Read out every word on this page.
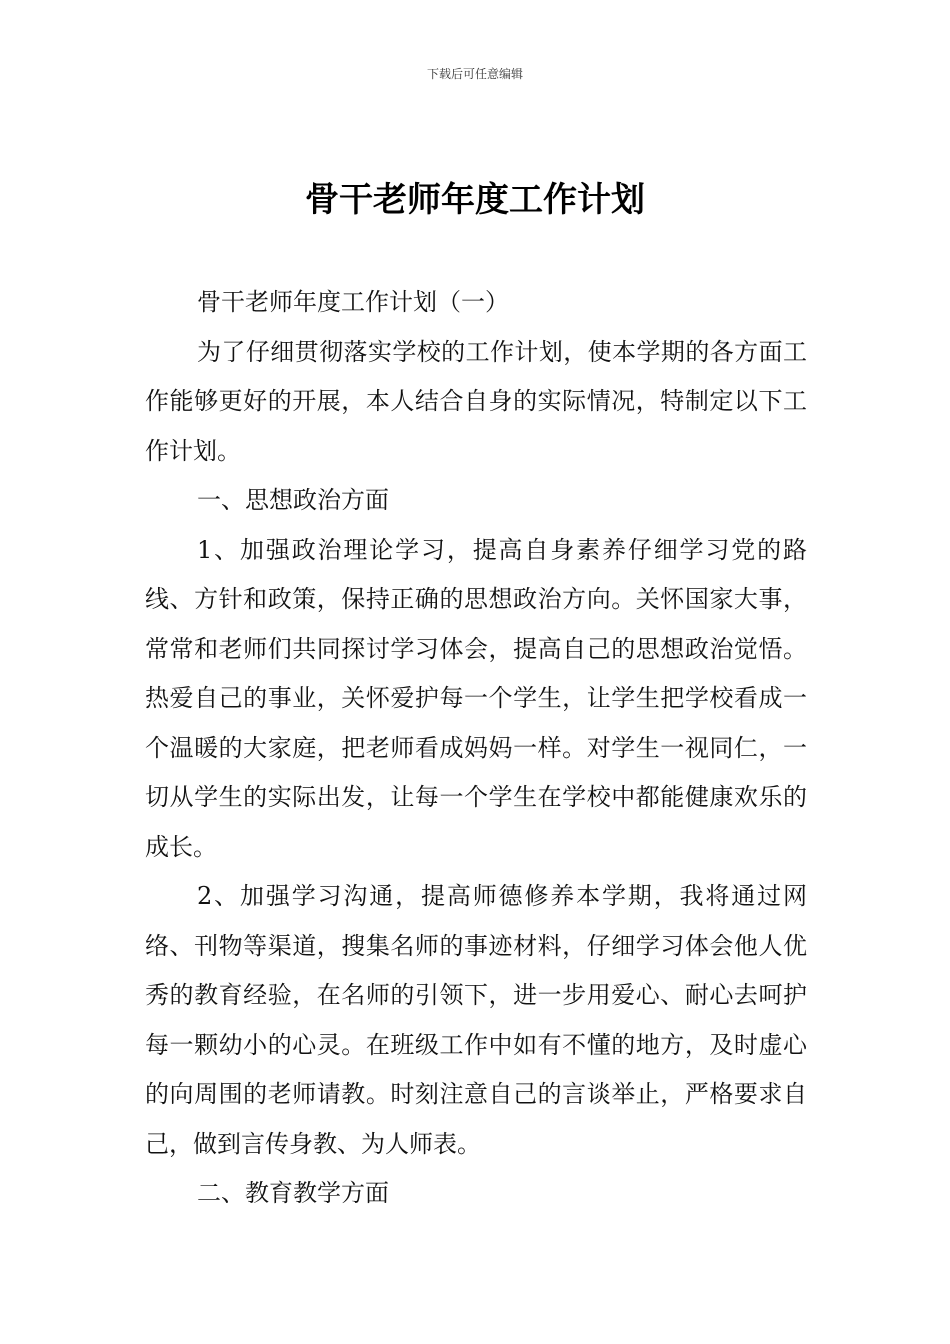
下载后可任意编辑
骨干老师年度工作计划

骨干老师年度工作计划（一）

为了仔细贯彻落实学校的工作计划，使本学期的各方面工作能够更好的开展，本人结合自身的实际情况，特制定以下工作计划。

一、思想政治方面

1、加强政治理论学习，提高自身素养仔细学习党的路线、方针和政策，保持正确的思想政治方向。关怀国家大事，常常和老师们共同探讨学习体会，提高自己的思想政治觉悟。热爱自己的事业，关怀爱护每一个学生，让学生把学校看成一个温暖的大家庭，把老师看成妈妈一样。对学生一视同仁，一切从学生的实际出发，让每一个学生在学校中都能健康欢乐的成长。

2、加强学习沟通，提高师德修养本学期，我将通过网络、刊物等渠道，搜集名师的事迹材料，仔细学习体会他人优秀的教育经验，在名师的引领下，进一步用爱心、耐心去呵护每一颗幼小的心灵。在班级工作中如有不懂的地方，及时虚心的向周围的老师请教。时刻注意自己的言谈举止，严格要求自己，做到言传身教、为人师表。

二、教育教学方面
